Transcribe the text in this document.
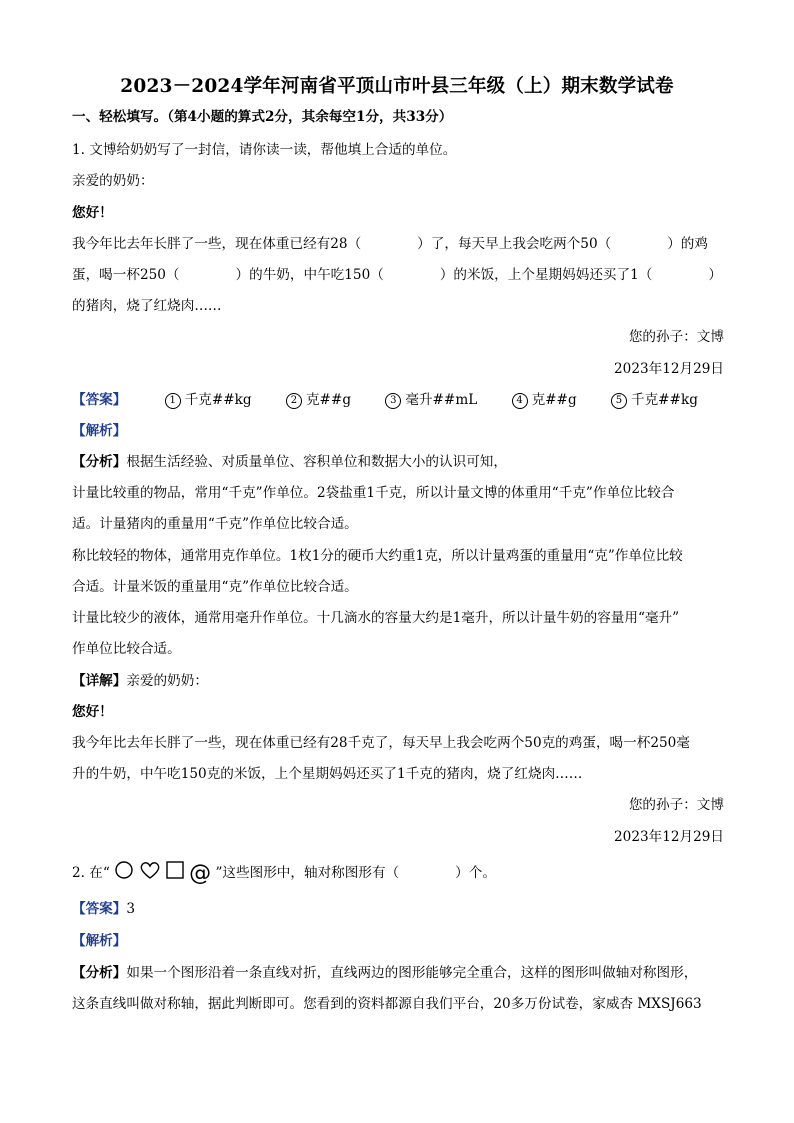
2023－2024学年河南省平顶山市叶县三年级（上）期末数学试卷
一、轻松填写。（第4小题的算式2分，其余每空1分，共33分）
1. 文博给奶奶写了一封信，请你读一读，帮他填上合适的单位。
亲爱的奶奶：
您好！
我今年比去年长胖了一些，现在体重已经有28（	）了，每天早上我会吃两个50（	）的鸡
蛋，喝一杯250（	）的牛奶，中午吃150（	）的米饭，上个星期妈妈还买了1（	）
的猪肉，烧了红烧肉……
您的孙子：文博
2023年12月29日
【答案】	1 千克##kg	2 克##g	3 毫升##mL	4 克##g	5 千克##kg
【解析】
【分析】根据生活经验、对质量单位、容积单位和数据大小的认识可知，
计量比较重的物品，常用“千克”作单位。2袋盐重1千克，所以计量文博的体重用“千克”作单位比较合
适。计量猪肉的重量用“千克”作单位比较合适。
称比较轻的物体，通常用克作单位。1枚1分的硬币大约重1克，所以计量鸡蛋的重量用“克”作单位比较
合适。计量米饭的重量用“克”作单位比较合适。
计量比较少的液体，通常用毫升作单位。十几滴水的容量大约是1毫升，所以计量牛奶的容量用“毫升”
作单位比较合适。
【详解】亲爱的奶奶：
您好！
我今年比去年长胖了一些，现在体重已经有28千克了，每天早上我会吃两个50克的鸡蛋，喝一杯250毫
升的牛奶，中午吃150克的米饭，上个星期妈妈还买了1千克的猪肉，烧了红烧肉……
您的孙子：文博
2023年12月29日
2. 在“	@ ”这些图形中，轴对称图形有（	）个。
【答案】3
【解析】
【分析】如果一个图形沿着一条直线对折，直线两边的图形能够完全重合，这样的图形叫做轴对称图形，
这条直线叫做对称轴，据此判断即可。您看到的资料都源自我们平台，20多万份试卷，家威杏 MXSJ663
